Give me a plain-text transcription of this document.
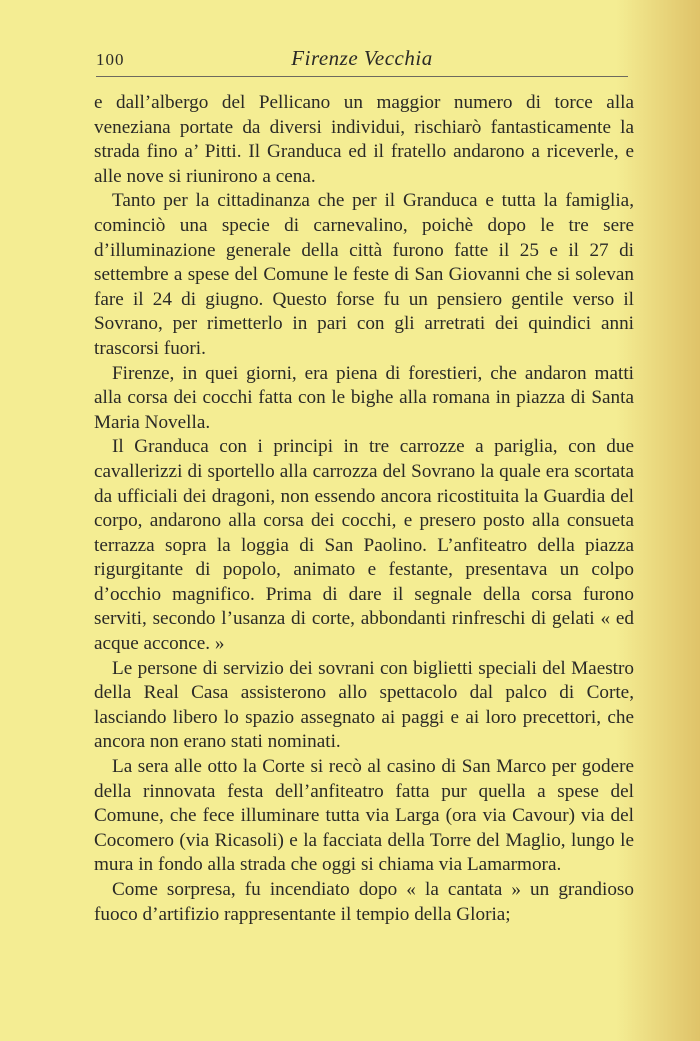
100	Firenze Vecchia

e dall’albergo del Pellicano un maggior numero di torce alla veneziana portate da diversi individui, rischiarò fantasticamente la strada fino a’ Pitti. Il Granduca ed il fratello andarono a riceverle, e alle nove si riunirono a cena.

Tanto per la cittadinanza che per il Granduca e tutta la famiglia, cominciò una specie di carnevalino, poichè dopo le tre sere d’illuminazione generale della città furono fatte il 25 e il 27 di settembre a spese del Comune le feste di San Giovanni che si solevan fare il 24 di giugno. Questo forse fu un pensiero gentile verso il Sovrano, per rimetterlo in pari con gli arretrati dei quindici anni trascorsi fuori.

Firenze, in quei giorni, era piena di forestieri, che andaron matti alla corsa dei cocchi fatta con le bighe alla romana in piazza di Santa Maria Novella.

Il Granduca con i principi in tre carrozze a pariglia, con due cavallerizzi di sportello alla carrozza del Sovrano la quale era scortata da ufficiali dei dragoni, non essendo ancora ricostituita la Guardia del corpo, andarono alla corsa dei cocchi, e presero posto alla consueta terrazza sopra la loggia di San Paolino. L’anfiteatro della piazza rigurgitante di popolo, animato e festante, presentava un colpo d’occhio magnifico. Prima di dare il segnale della corsa furono serviti, secondo l’usanza di corte, abbondanti rinfreschi di gelati « ed acque acconce. »

Le persone di servizio dei sovrani con biglietti speciali del Maestro della Real Casa assisterono allo spettacolo dal palco di Corte, lasciando libero lo spazio assegnato ai paggi e ai loro precettori, che ancora non erano stati nominati.

La sera alle otto la Corte si recò al casino di San Marco per godere della rinnovata festa dell’anfiteatro fatta pur quella a spese del Comune, che fece illuminare tutta via Larga (ora via Cavour) via del Cocomero (via Ricasoli) e la facciata della Torre del Maglio, lungo le mura in fondo alla strada che oggi si chiama via Lamarmora.

Come sorpresa, fu incendiato dopo « la cantata » un grandioso fuoco d’artifizio rappresentante il tempio della Gloria;
